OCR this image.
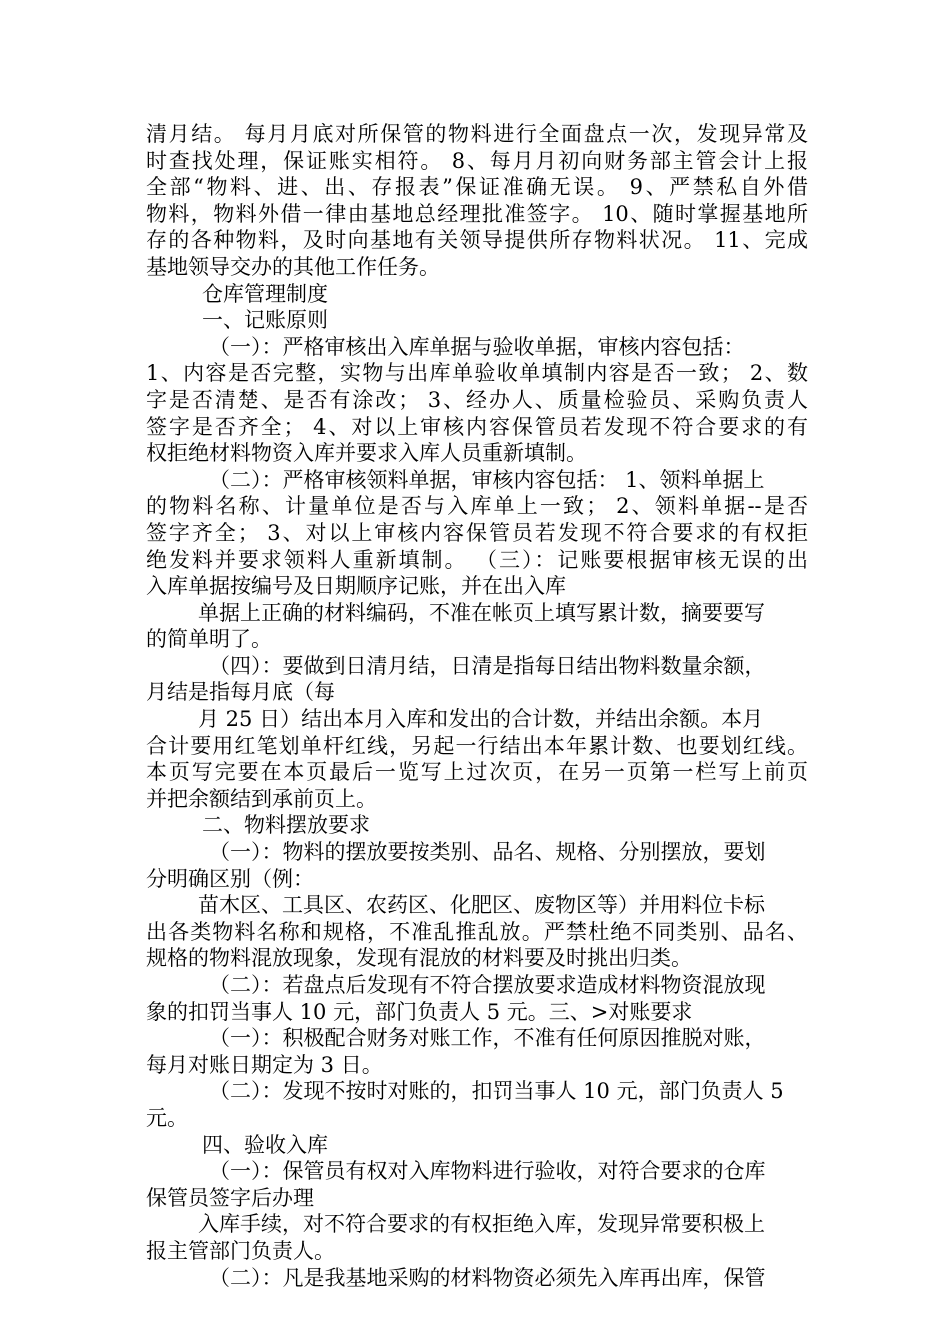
清月结。 每月月底对所保管的物料进行全面盘点一次，发现异常及
时查找处理，保证账实相符。 8、每月月初向财务部主管会计上报
全部“物料、进、出、存报表”保证准确无误。 9、严禁私自外借
物料，物料外借一律由基地总经理批准签字。 10、随时掌握基地所
存的各种物料，及时向基地有关领导提供所存物料状况。 11、完成
基地领导交办的其他工作任务。
仓库管理制度
一、记账原则
（一）：严格审核出入库单据与验收单据，审核内容包括：
1、内容是否完整，实物与出库单验收单填制内容是否一致； 2、数
字是否清楚、是否有涂改； 3、经办人、质量检验员、采购负责人
签字是否齐全； 4、对以上审核内容保管员若发现不符合要求的有
权拒绝材料物资入库并要求入库人员重新填制。
（二）：严格审核领料单据，审核内容包括： 1、领料单据上
的物料名称、计量单位是否与入库单上一致； 2、领料单据--是否
签字齐全； 3、对以上审核内容保管员若发现不符合要求的有权拒
绝发料并要求领料人重新填制。 （三）：记账要根据审核无误的出
入库单据按编号及日期顺序记账，并在出入库
单据上正确的材料编码，不准在帐页上填写累计数，摘要要写
的简单明了。
（四）：要做到日清月结，日清是指每日结出物料数量余额，
月结是指每月底（每
月 25 日）结出本月入库和发出的合计数，并结出余额。本月
合计要用红笔划单杆红线，另起一行结出本年累计数、也要划红线。
本页写完要在本页最后一览写上过次页，在另一页第一栏写上前页
并把余额结到承前页上。
二、物料摆放要求
（一）：物料的摆放要按类别、品名、规格、分别摆放，要划
分明确区别（例：
苗木区、工具区、农药区、化肥区、废物区等）并用料位卡标
出各类物料名称和规格，不准乱推乱放。严禁杜绝不同类别、品名、
规格的物料混放现象，发现有混放的材料要及时挑出归类。
（二）：若盘点后发现有不符合摆放要求造成材料物资混放现
象的扣罚当事人 10 元，部门负责人 5 元。三、>对账要求
（一）：积极配合财务对账工作，不准有任何原因推脱对账，
每月对账日期定为 3 日。
（二）：发现不按时对账的，扣罚当事人 10 元，部门负责人 5
元。
四、验收入库
（一）：保管员有权对入库物料进行验收，对符合要求的仓库
保管员签字后办理
入库手续，对不符合要求的有权拒绝入库，发现异常要积极上
报主管部门负责人。
（二）：凡是我基地采购的材料物资必须先入库再出库，保管
